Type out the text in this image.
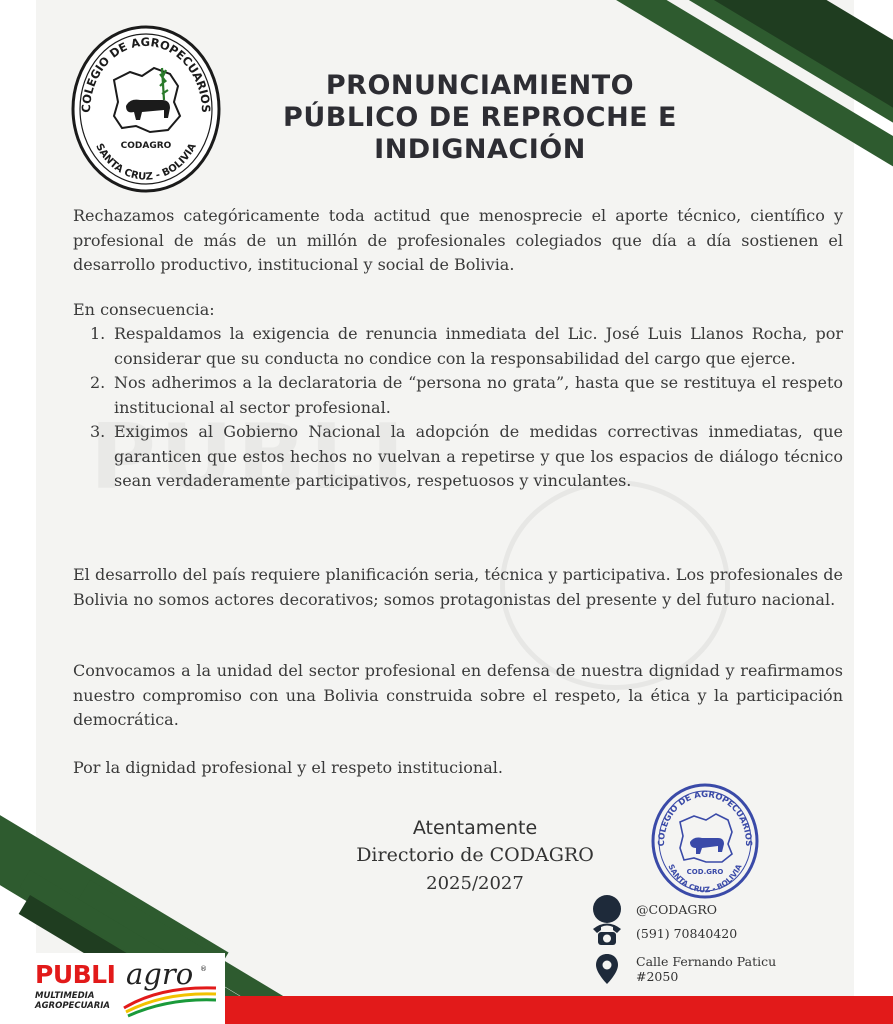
COLEGIO DE AGROPECUARIOS
SANTA CRUZ - BOLIVIA
CODAGRO
PRONUNCIAMIENTO
PÚBLICO DE REPROCHE E
INDIGNACIÓN

Rechazamos categóricamente toda actitud que menosprecie el aporte técnico, científico y profesional de más de un millón de profesionales colegiados que día a día sostienen el desarrollo productivo, institucional y social de Bolivia.

En consecuencia:

1. Respaldamos la exigencia de renuncia inmediata del Lic. José Luis Llanos Rocha, por considerar que su conducta no condice con la responsabilidad del cargo que ejerce.
2. Nos adherimos a la declaratoria de “persona no grata”, hasta que se restituya el respeto institucional al sector profesional.
3. Exigimos al Gobierno Nacional la adopción de medidas correctivas inmediatas, que garanticen que estos hechos no vuelvan a repetirse y que los espacios de diálogo técnico sean verdaderamente participativos, respetuosos y vinculantes.

El desarrollo del país requiere planificación seria, técnica y participativa. Los profesionales de Bolivia no somos actores decorativos; somos protagonistas del presente y del futuro nacional.

Convocamos a la unidad del sector profesional en defensa de nuestra dignidad y reafirmamos nuestro compromiso con una Bolivia construida sobre el respeto, la ética y la participación democrática.

Por la dignidad profesional y el respeto institucional.

Atentamente
Directorio de CODAGRO
2025/2027
COLEGIO DE AGROPECUARIOS
SANTA CRUZ - BOLIVIA
COD.GRO
@CODAGRO
(591) 70840420
Calle Fernando Paticu #2050
PUBLI agro ®
MULTIMEDIA
AGROPECUARIA
